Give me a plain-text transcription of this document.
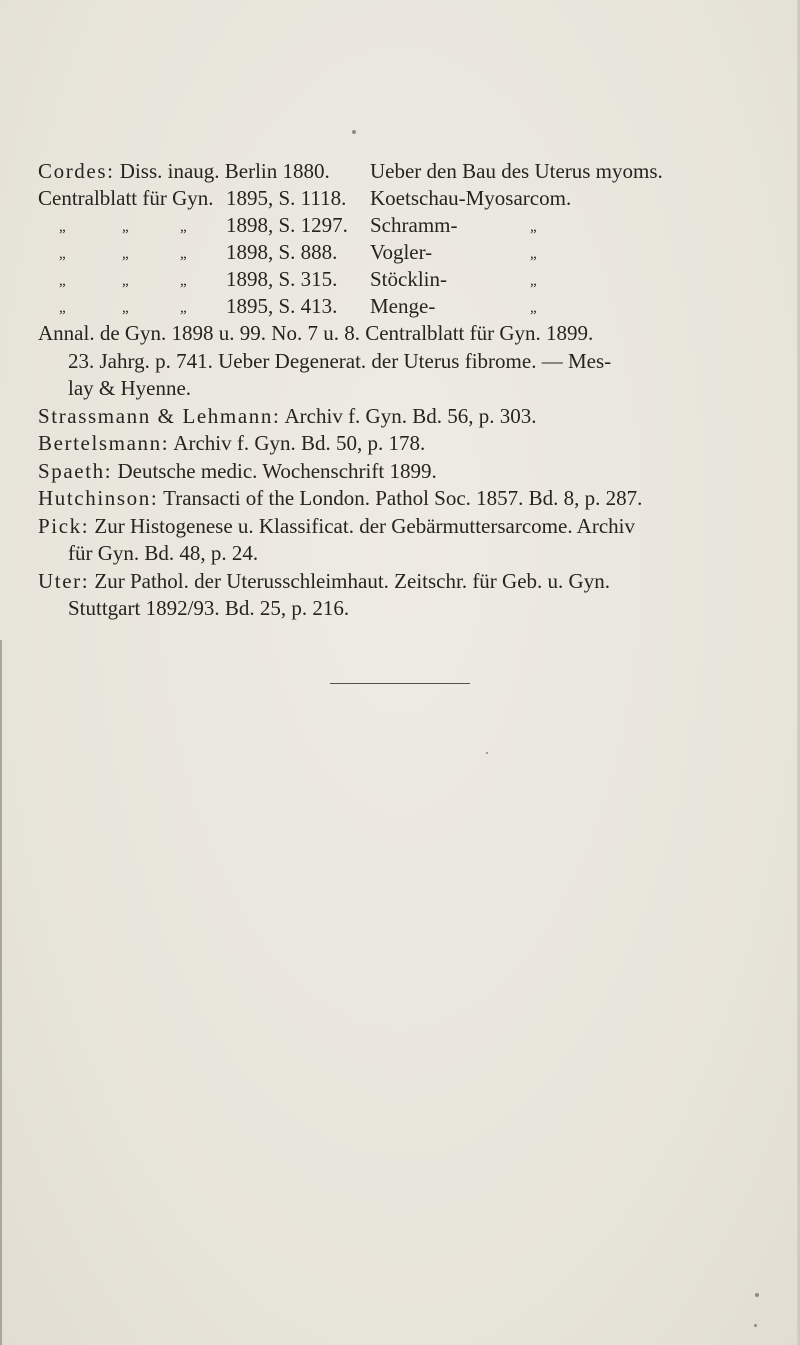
Cordes: Diss. inaug. Berlin 1880. Ueber den Bau des Uterus myoms.
Centralblatt für Gyn. 1895, S. 1118. Koetschau-Myosarcom.
„	„	„ 1898, S. 1297. Schramm-	„
„	„	„ 1898, S. 888. Vogler-	„
„	„	„ 1898, S. 315. Stöcklin-	„
„	„	„ 1895, S. 413. Menge-	„
Annal. de Gyn. 1898 u. 99. No. 7 u. 8. Centralblatt für Gyn. 1899.
23. Jahrg. p. 741. Ueber Degenerat. der Uterus fibrome. — Mes-
lay & Hyenne.
Strassmann & Lehmann: Archiv f. Gyn. Bd. 56, p. 303.
Bertelsmann: Archiv f. Gyn. Bd. 50, p. 178.
Spaeth: Deutsche medic. Wochenschrift 1899.
Hutchinson: Transacti of the London. Pathol Soc. 1857. Bd. 8, p. 287.
Pick: Zur Histogenese u. Klassificat. der Gebärmuttersarcome. Archiv
für Gyn. Bd. 48, p. 24.
Uter: Zur Pathol. der Uterusschleimhaut. Zeitschr. für Geb. u. Gyn.
Stuttgart 1892/93. Bd. 25, p. 216.
